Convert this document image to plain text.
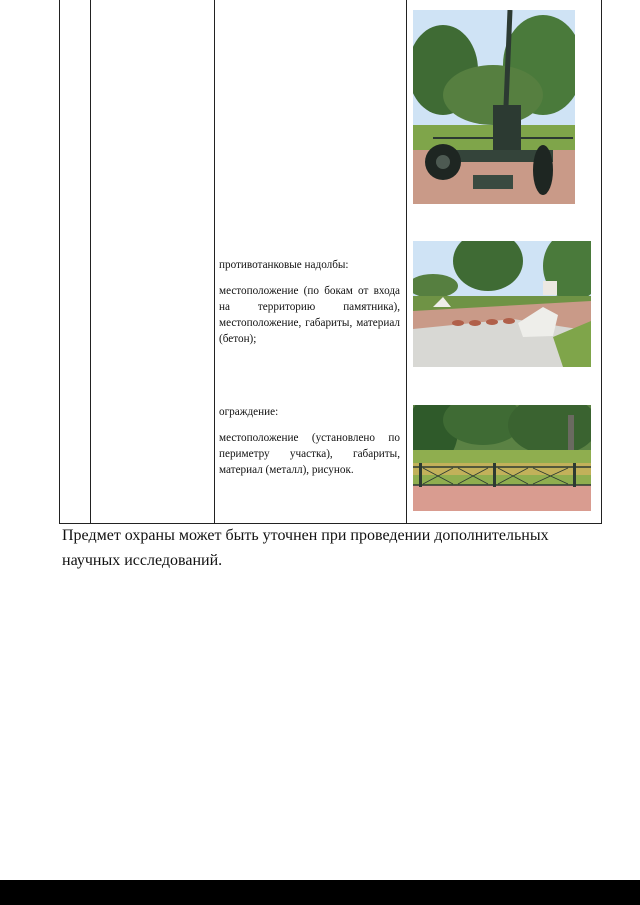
противотанковые надолбы:

местоположение (по бокам от входа на территорию памятника), местоположение, габариты, материал (бетон);

ограждение:

местоположение (установлено по периметру участка), габариты, материал (металл), рисунок.

Предмет охраны может быть уточнен при проведении дополнительных научных исследований.
